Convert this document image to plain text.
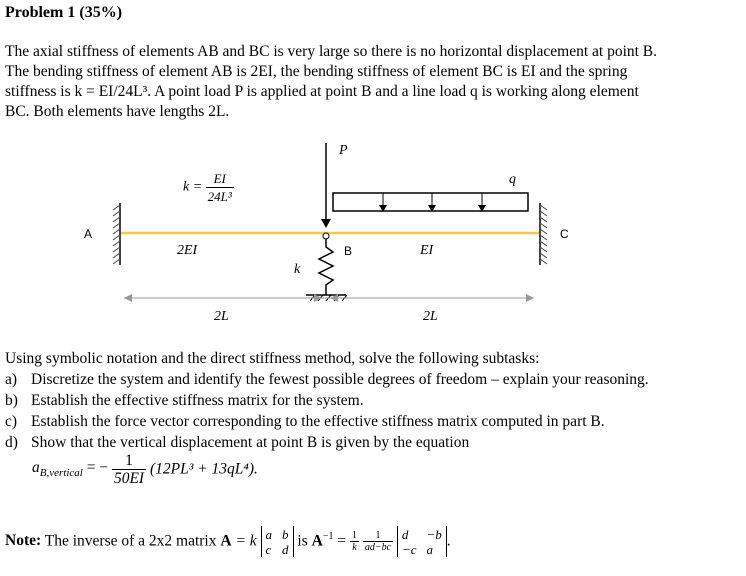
Problem 1 (35%)
The axial stiffness of elements AB and BC is very large so there is no horizontal displacement at point B.
The bending stiffness of element AB is 2EI, the bending stiffness of element BC is EI and the spring
stiffness is k = EI/24L³. A point load P is applied at point B and a line load q is working along element
BC. Both elements have lengths 2L.
A
B
C
P
q
$k = \frac{EI}{\text{24L³}}$
2EI	EI
k
2L	2L
Using symbolic notation and the direct stiffness method, solve the following subtasks:
a) Discretize the system and identify the fewest possible degrees of freedom – explain your reasoning.
b) Establish the effective stiffness matrix for the system.
c) Establish the force vector corresponding to the effective stiffness matrix computed in part B.
d) Show that the vertical displacement at point B is given by the equation
$a_{B,vertical}$ = − $\frac{1}{50EI} (12PL^3 + 13qL^4)$.
Note: The inverse of a 2x2 matrix A = k a b
c d is $A^{-1} = \frac{1}{k}$
$\frac{1}{ad-bc}$
d	−b
−c a .
